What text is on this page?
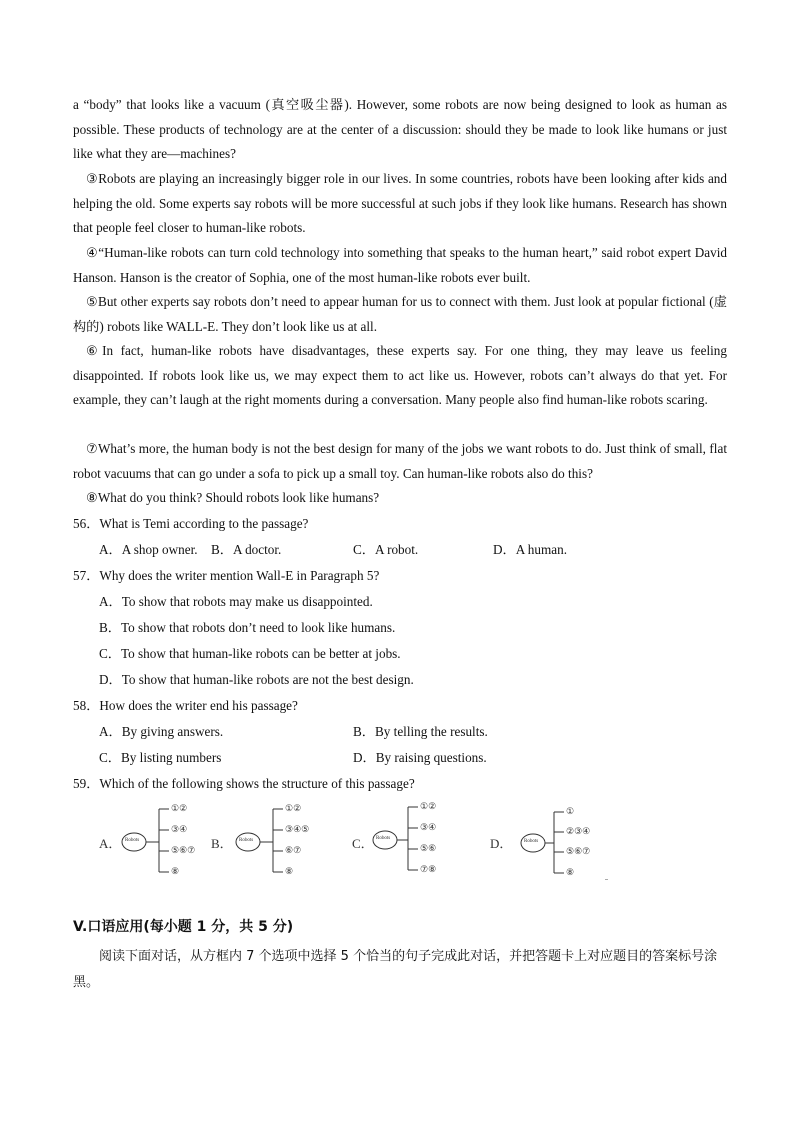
a “body” that looks like a vacuum (真空吸尘器). However, some robots are now being designed to look as human as possible. These products of technology are at the center of a discussion: should they be made to look like humans or just like what they are—machines?
③Robots are playing an increasingly bigger role in our lives. In some countries, robots have been looking after kids and helping the old. Some experts say robots will be more successful at such jobs if they look like humans. Research has shown that people feel closer to human-like robots.
④“Human-like robots can turn cold technology into something that speaks to the human heart,” said robot expert David Hanson. Hanson is the creator of Sophia, one of the most human-like robots ever built.
⑤But other experts say robots don’t need to appear human for us to connect with them. Just look at popular fictional (虚构的) robots like WALL-E. They don’t look like us at all.
⑥In fact, human-like robots have disadvantages, these experts say. For one thing, they may leave us feeling disappointed. If robots look like us, we may expect them to act like us. However, robots can’t always do that yet. For example, they can’t laugh at the right moments during a conversation. Many people also find human-like robots scaring.
⑦What’s more, the human body is not the best design for many of the jobs we want robots to do. Just think of small, flat robot vacuums that can go under a sofa to pick up a small toy. Can human-like robots also do this?
⑧What do you think? Should robots look like humans?
56．What is Temi according to the passage?
A．A shop owner. B．A doctor.	C．A robot.	D．A human.
57．Why does the writer mention Wall-E in Paragraph 5?
A．To show that robots may make us disappointed.
B．To show that robots don’t need to look like humans.
C．To show that human-like robots can be better at jobs.
D．To show that human-like robots are not the best design.
58．How does the writer end his passage?
A．By giving answers.	B．By telling the results.
C．By listing numbers	D．By raising questions.
59．Which of the following shows the structure of this passage?
A． Robots
①②
③④
⑤⑥⑦
⑧
B． Robots
①②
③④⑤
⑥⑦
⑧
C． Robots
①②
③④
⑤⑥
⑦⑧
D． Robots
①
②③④
⑤⑥⑦
⑧
V.口语应用(每小题 1 分，共 5 分)
阅读下面对话，从方框内 7 个选项中选择 5 个恰当的句子完成此对话，并把答题卡上对应题目的答案标号涂黑。
